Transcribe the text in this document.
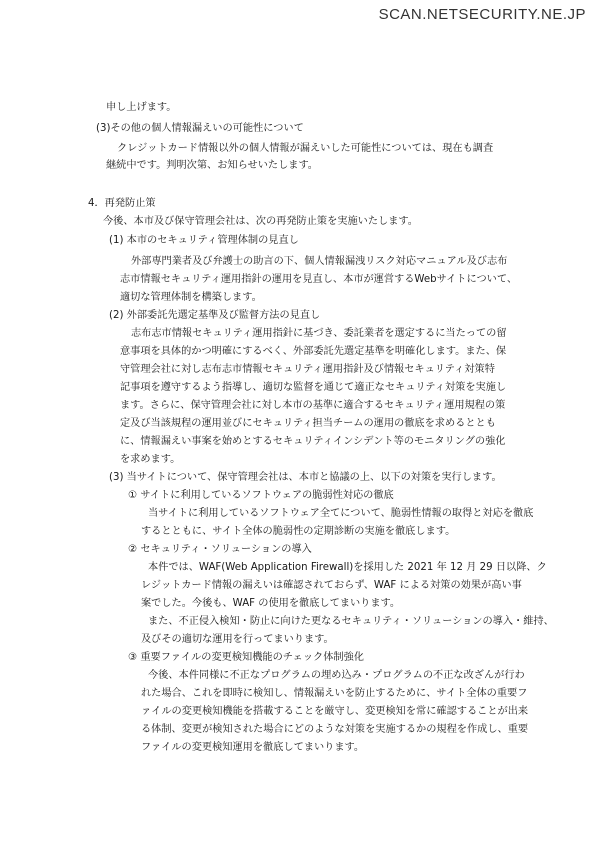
SCAN.NETSECURITY.NE.JP
申し上げます。
(3)その他の個人情報漏えいの可能性について
クレジットカード情報以外の個人情報が漏えいした可能性については、現在も調査
継続中です。判明次第、お知らせいたします。
4．再発防止策
今後、本市及び保守管理会社は、次の再発防止策を実施いたします。
(1) 本市のセキュリティ管理体制の見直し
外部専門業者及び弁護士の助言の下、個人情報漏洩リスク対応マニュアル及び志布
志市情報セキュリティ運用指針の運用を見直し、本市が運営するWebサイトについて、
適切な管理体制を構築します。
(2) 外部委託先選定基準及び監督方法の見直し
志布志市情報セキュリティ運用指針に基づき、委託業者を選定するに当たっての留
意事項を具体的かつ明確にするべく、外部委託先選定基準を明確化します。また、保
守管理会社に対し志布志市情報セキュリティ運用指針及び情報セキュリティ対策特
記事項を遵守するよう指導し、適切な監督を通じて適正なセキュリティ対策を実施し
ます。さらに、保守管理会社に対し本市の基準に適合するセキュリティ運用規程の策
定及び当該規程の運用並びにセキュリティ担当チームの運用の徹底を求めるととも
に、情報漏えい事案を始めとするセキュリティインシデント等のモニタリングの強化
を求めます。
(3) 当サイトについて、保守管理会社は、本市と協議の上、以下の対策を実行します。
① サイトに利用しているソフトウェアの脆弱性対応の徹底
当サイトに利用しているソフトウェア全てについて、脆弱性情報の取得と対応を徹底
するとともに、サイト全体の脆弱性の定期診断の実施を徹底します。
② セキュリティ・ソリューションの導入
本件では、WAF(Web Application Firewall)を採用した 2021 年 12 月 29 日以降、ク
レジットカード情報の漏えいは確認されておらず、WAF による対策の効果が高い事
案でした。今後も、WAF の使用を徹底してまいります。
また、不正侵入検知・防止に向けた更なるセキュリティ・ソリューションの導入・維持、
及びその適切な運用を行ってまいります。
③ 重要ファイルの変更検知機能のチェック体制強化
今後、本件同様に不正なプログラムの埋め込み・プログラムの不正な改ざんが行わ
れた場合、これを即時に検知し、情報漏えいを防止するために、サイト全体の重要フ
ァイルの変更検知機能を搭載することを厳守し、変更検知を常に確認することが出来
る体制、変更が検知された場合にどのような対策を実施するかの規程を作成し、重要
ファイルの変更検知運用を徹底してまいります。
